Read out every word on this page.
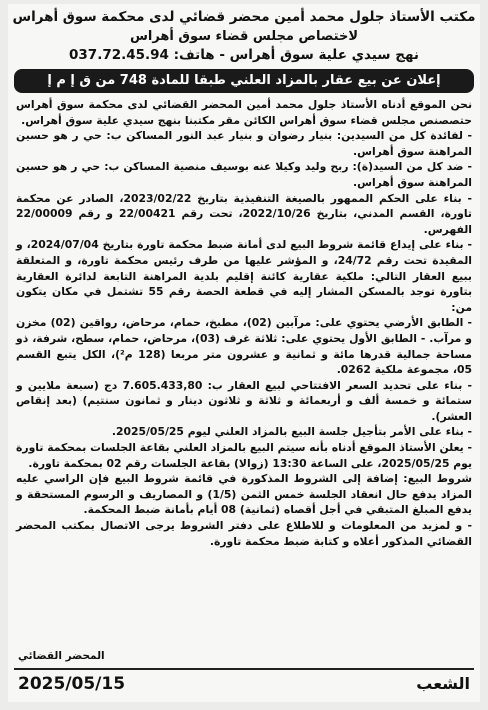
مكتب الأستاذ جلول محمد أمين محضر قضائي لدى محكمة سوق أهراس
لاختصاص مجلس قضاء سوق أهراس
نهج سيدي علية سوق أهراس - هاتف: 037.72.45.94
إعلان عن بيع عقار بالمزاد العلني طبقا للمادة 748 من ق إ م إ

نحن الموقع أدناه الأستاذ جلول محمد أمين المحضر القضائي لدى محكمة سوق أهراس حتصصنص مجلس قضاء سوق أهراس الكائن مقر مكتبنا بنهج سيدي علية سوق أهراس.

- لفائدة كل من السيدين: بنيار رضوان و بنيار عبد النور المساكن ب: حي ر هو حسين المراهنة سوق أهراس.

- ضد كل من السيد(ة): ربح وليد وكيلا عنه بوسيف منصية المساكن ب: حي ر هو حسين المراهنة سوق أهراس.

- بناء على الحكم الممهور بالصيغة التنفيذية بتاريخ 2023/02/22، الصادر عن محكمة تاورة، القسم المدني، بتاريخ 2022/10/26، تحت رقم 22/00421 و رقم 22/00009 الفهرس.

- بناء على إيداع قائمة شروط البيع لدى أمانة ضبط محكمة تاورة بتاريخ 2024/07/04، و المقيدة تحت رقم 24/72، و المؤشر عليها من طرف رئيس محكمة تاورة، و المتعلقة ببيع العقار التالي: ملكية عقارية كائنة إقليم بلدية المراهنة التابعة لدائرة العقارية بتاورة توجد بالمسكن المشار إليه في قطعة الحصة رقم 55 تشتمل في مكان يتكون من:

- الطابق الأرضي يحتوي على: مرآبين (02)، مطبخ، حمام، مرحاض، رواقين (02) مخزن و مرآب. - الطابق الأول يحتوي على: ثلاثة غرف (03)، مرحاض، حمام، سطح، شرفة، ذو مساحة جمالية قدرها مائة و ثمانية و عشرون متر مربعا (128 م²)، الكل يتبع القسم 05، مجموعة ملكية 0262.

- بناء على تحديد السعر الافتتاحي لبيع العقار ب: 7.605.433,80 دج (سبعة ملايين و ستمائة و خمسة ألف و أربعمائة و ثلاثة و ثلاثون دينار و ثمانون سنتيم) (بعد إنقاص العشر).

- بناء على الأمر بتأجيل جلسة البيع بالمزاد العلني ليوم 2025/05/25.

- يعلن الأستاذ الموقع أدناه بأنه سيتم البيع بالمزاد العلني بقاعة الجلسات بمحكمة تاورة يوم 2025/05/25، على الساعة 13:30 (زوالا) بقاعة الجلسات رقم 02 بمحكمة تاورة.

شروط البيع: إضافة إلى الشروط المذكورة في قائمة شروط البيع فإن الراسي عليه المزاد يدفع حال انعقاد الجلسة خمس الثمن (1/5) و المصاريف و الرسوم المستحقة و يدفع المبلغ المتبقي في أجل أقصاه (ثمانية) 08 أيام بأمانة ضبط المحكمة.

- و لمزيد من المعلومات و للاطلاع على دفتر الشروط يرجى الاتصال بمكتب المحضر القضائي المذكور أعلاه و كتابة ضبط محكمة تاورة.

المحضر القضائي
2025/05/15	الشعب
